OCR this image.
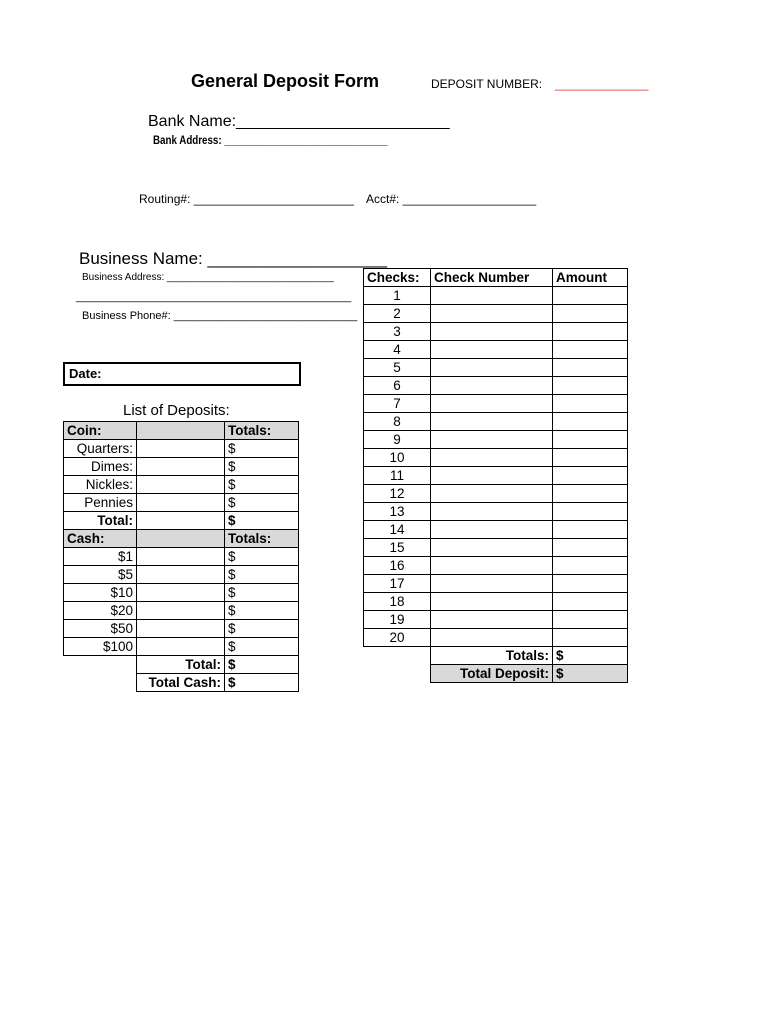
General Deposit Form	DEPOSIT NUMBER: ______________
Bank Name:________________________
Bank Address: ______________________________
Routing#: ________________________ Acct#: ____________________
Business Name: ___________________
Business Address: ______________________________
_____________________________________________
Business Phone#: ______________________________
Date:
List of Deposits:
Coin:		Totals:
Quarters:		$
Dimes:		$
Nickles:		$
Pennies		$
Total:		$
Cash:		Totals:
$1		$
$5		$
$10		$
$20		$
$50		$
$100		$
	Total:	$
	Total Cash:	$
Checks:	Check Number	Amount
1		
2		
3		
4		
5		
6		
7		
8		
9		
10		
11		
12		
13		
14		
15		
16		
17		
18		
19		
20		
	Totals:	$
	Total Deposit:	$
